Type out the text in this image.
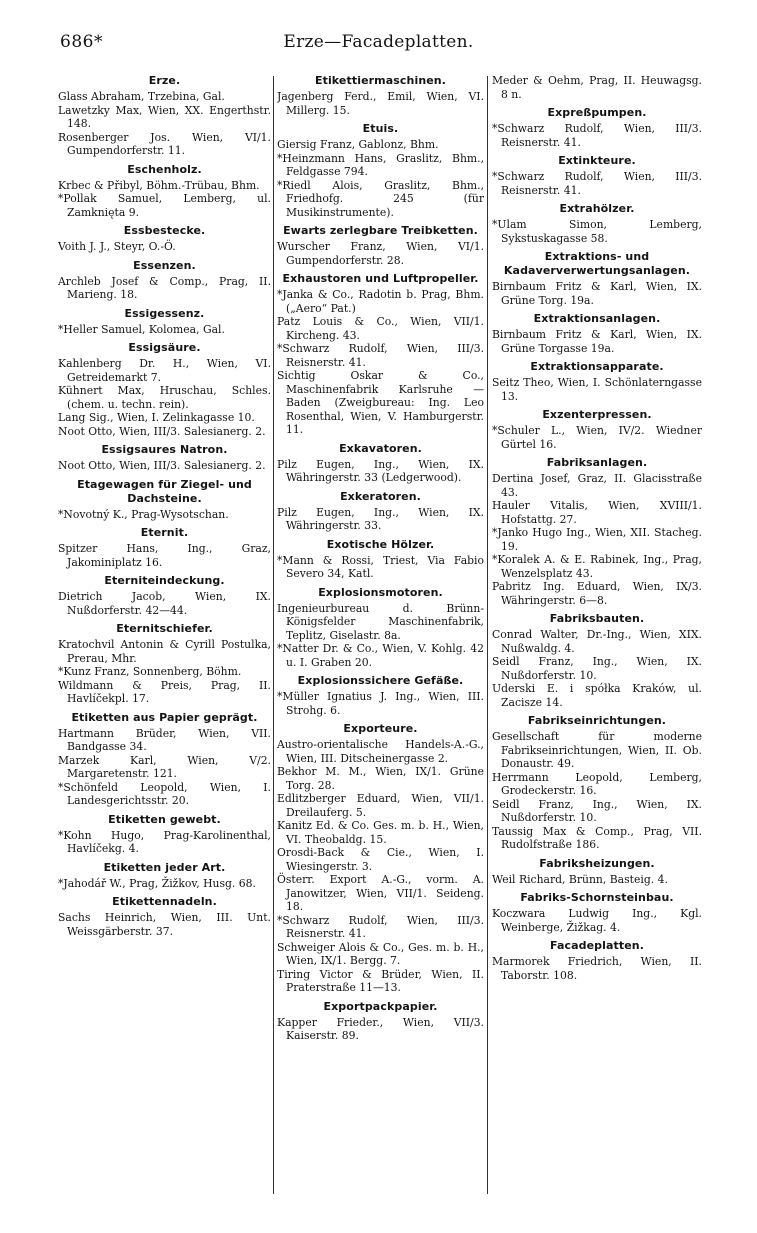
686*	Erze—Facadeplatten.
Erze.
Glass Abraham, Trzebina, Gal.
Lawetzky Max, Wien, XX. Engerthstr. 148.
Rosenberger Jos. Wien, VI/1. Gumpendorferstr. 11.
Eschenholz.
Krbec & Přibyl, Böhm.-Trübau, Bhm.
*Pollak Samuel, Lemberg, ul. Zamknięta 9.
Essbestecke.
Voith J. J., Steyr, O.-Ö.
Essenzen.
Archleb Josef & Comp., Prag, II. Marieng. 18.
Essigessenz.
*Heller Samuel, Kolomea, Gal.
Essigsäure.
Kahlenberg Dr. H., Wien, VI. Getreidemarkt 7.
Kühnert Max, Hruschau, Schles. (chem. u. techn. rein).
Lang Sig., Wien, I. Zelinkagasse 10.
Noot Otto, Wien, III/3. Salesianerg. 2.
Essigsaures Natron.
Noot Otto, Wien, III/3. Salesianerg. 2.
Etagewagen für Ziegel- und
Dachsteine.
*Novotný K., Prag-Wysotschan.
Eternit.
Spitzer Hans, Ing., Graz, Jakominiplatz 16.
Eterniteindeckung.
Dietrich Jacob, Wien, IX. Nußdorferstr. 42—44.
Eternitschiefer.
Kratochvil Antonin & Cyrill Postulka, Prerau, Mhr.
*Kunz Franz, Sonnenberg, Böhm.
Wildmann & Preis, Prag, II. Havlíčekpl. 17.
Etiketten aus Papier geprägt.
Hartmann Brüder, Wien, VII. Bandgasse 34.
Marzek Karl, Wien, V/2. Margaretenstr. 121.
*Schönfeld Leopold, Wien, I. Landesgerichtsstr. 20.
Etiketten gewebt.
*Kohn Hugo, Prag-Karolinenthal, Havlíčekg. 4.
Etiketten jeder Art.
*Jahodář W., Prag, Žižkov, Husg. 68.
Etikettennadeln.
Sachs Heinrich, Wien, III. Unt. Weissgärberstr. 37.
Etikettiermaschinen.
Jagenberg Ferd., Emil, Wien, VI. Millerg. 15.
Etuis.
Giersig Franz, Gablonz, Bhm.
*Heinzmann Hans, Graslitz, Bhm., Feldgasse 794.
*Riedl Alois, Graslitz, Bhm., Friedhofg. 245 (für Musikinstrumente).
Ewarts zerlegbare Treibketten.
Wurscher Franz, Wien, VI/1. Gumpendorferstr. 28.
Exhaustoren und Luftpropeller.
*Janka & Co., Radotin b. Prag, Bhm. („Aero“ Pat.)
Patz Louis & Co., Wien, VII/1. Kircheng. 43.
*Schwarz Rudolf, Wien, III/3. Reisnerstr. 41.
Sichtig Oskar & Co., Maschinenfabrik Karlsruhe — Baden (Zweigbureau: Ing. Leo Rosenthal, Wien, V. Hamburgerstr. 11.
Exkavatoren.
Pilz Eugen, Ing., Wien, IX. Währingerstr. 33 (Ledgerwood).
Exkeratoren.
Pilz Eugen, Ing., Wien, IX. Währingerstr. 33.
Exotische Hölzer.
*Mann & Rossi, Triest, Via Fabio Severo 34, Katl.
Explosionsmotoren.
Ingenieurbureau d. Brünn-Königsfelder Maschinenfabrik, Teplitz, Giselastr. 8a.
*Natter Dr. & Co., Wien, V. Kohlg. 42 u. I. Graben 20.
Explosionssichere Gefäße.
*Müller Ignatius J. Ing., Wien, III. Strohg. 6.
Exporteure.
Austro-orientalische Handels-A.-G., Wien, III. Ditscheinergasse 2.
Bekhor M. M., Wien, IX/1. Grüne Torg. 28.
Edlitzberger Eduard, Wien, VII/1. Dreilauferg. 5.
Kanitz Ed. & Co. Ges. m. b. H., Wien, VI. Theobaldg. 15.
Orosdi-Back & Cie., Wien, I. Wiesingerstr. 3.
Österr. Export A.-G., vorm. A. Janowitzer, Wien, VII/1. Seideng. 18.
*Schwarz Rudolf, Wien, III/3. Reisnerstr. 41.
Schweiger Alois & Co., Ges. m. b. H., Wien, IX/1. Bergg. 7.
Tiring Victor & Brüder, Wien, II. Praterstraße 11—13.
Exportpackpapier.
Kapper Frieder., Wien, VII/3. Kaiserstr. 89.
Meder & Oehm, Prag, II. Heuwagsg. 8 n.
Expreßpumpen.
*Schwarz Rudolf, Wien, III/3. Reisnerstr. 41.
Extinkteure.
*Schwarz Rudolf, Wien, III/3. Reisnerstr. 41.
Extrahölzer.
*Ulam Simon, Lemberg, Sykstuskagasse 58.
Extraktions- und Kadaververwertungsanlagen.
Birnbaum Fritz & Karl, Wien, IX. Grüne Torg. 19a.
Extraktionsanlagen.
Birnbaum Fritz & Karl, Wien, IX. Grüne Torgasse 19a.
Extraktionsapparate.
Seitz Theo, Wien, I. Schönlaterngasse 13.
Exzenterpressen.
*Schuler L., Wien, IV/2. Wiedner Gürtel 16.
Fabriksanlagen.
Dertina Josef, Graz, II. Glacisstraße 43.
Hauler Vitalis, Wien, XVIII/1. Hofstattg. 27.
*Janko Hugo Ing., Wien, XII. Stacheg. 19.
*Koralek A. & E. Rabinek, Ing., Prag, Wenzelsplatz 43.
Pabritz Ing. Eduard, Wien, IX/3. Währingerstr. 6—8.
Fabriksbauten.
Conrad Walter, Dr.-Ing., Wien, XIX. Nußwaldg. 4.
Seidl Franz, Ing., Wien, IX. Nußdorferstr. 10.
Uderski E. i spółka Kraków, ul. Zacisze 14.
Fabrikseinrichtungen.
Gesellschaft für moderne Fabrikseinrichtungen, Wien, II. Ob. Donaustr. 49.
Herrmann Leopold, Lemberg, Grodeckerstr. 16.
Seidl Franz, Ing., Wien, IX. Nußdorferstr. 10.
Taussig Max & Comp., Prag, VII. Rudolfstraße 186.
Fabriksheizungen.
Weil Richard, Brünn, Basteig. 4.
Fabriks-Schornsteinbau.
Koczwara Ludwig Ing., Kgl. Weinberge, Žižkag. 4.
Facadeplatten.
Marmorek Friedrich, Wien, II. Taborstr. 108.
